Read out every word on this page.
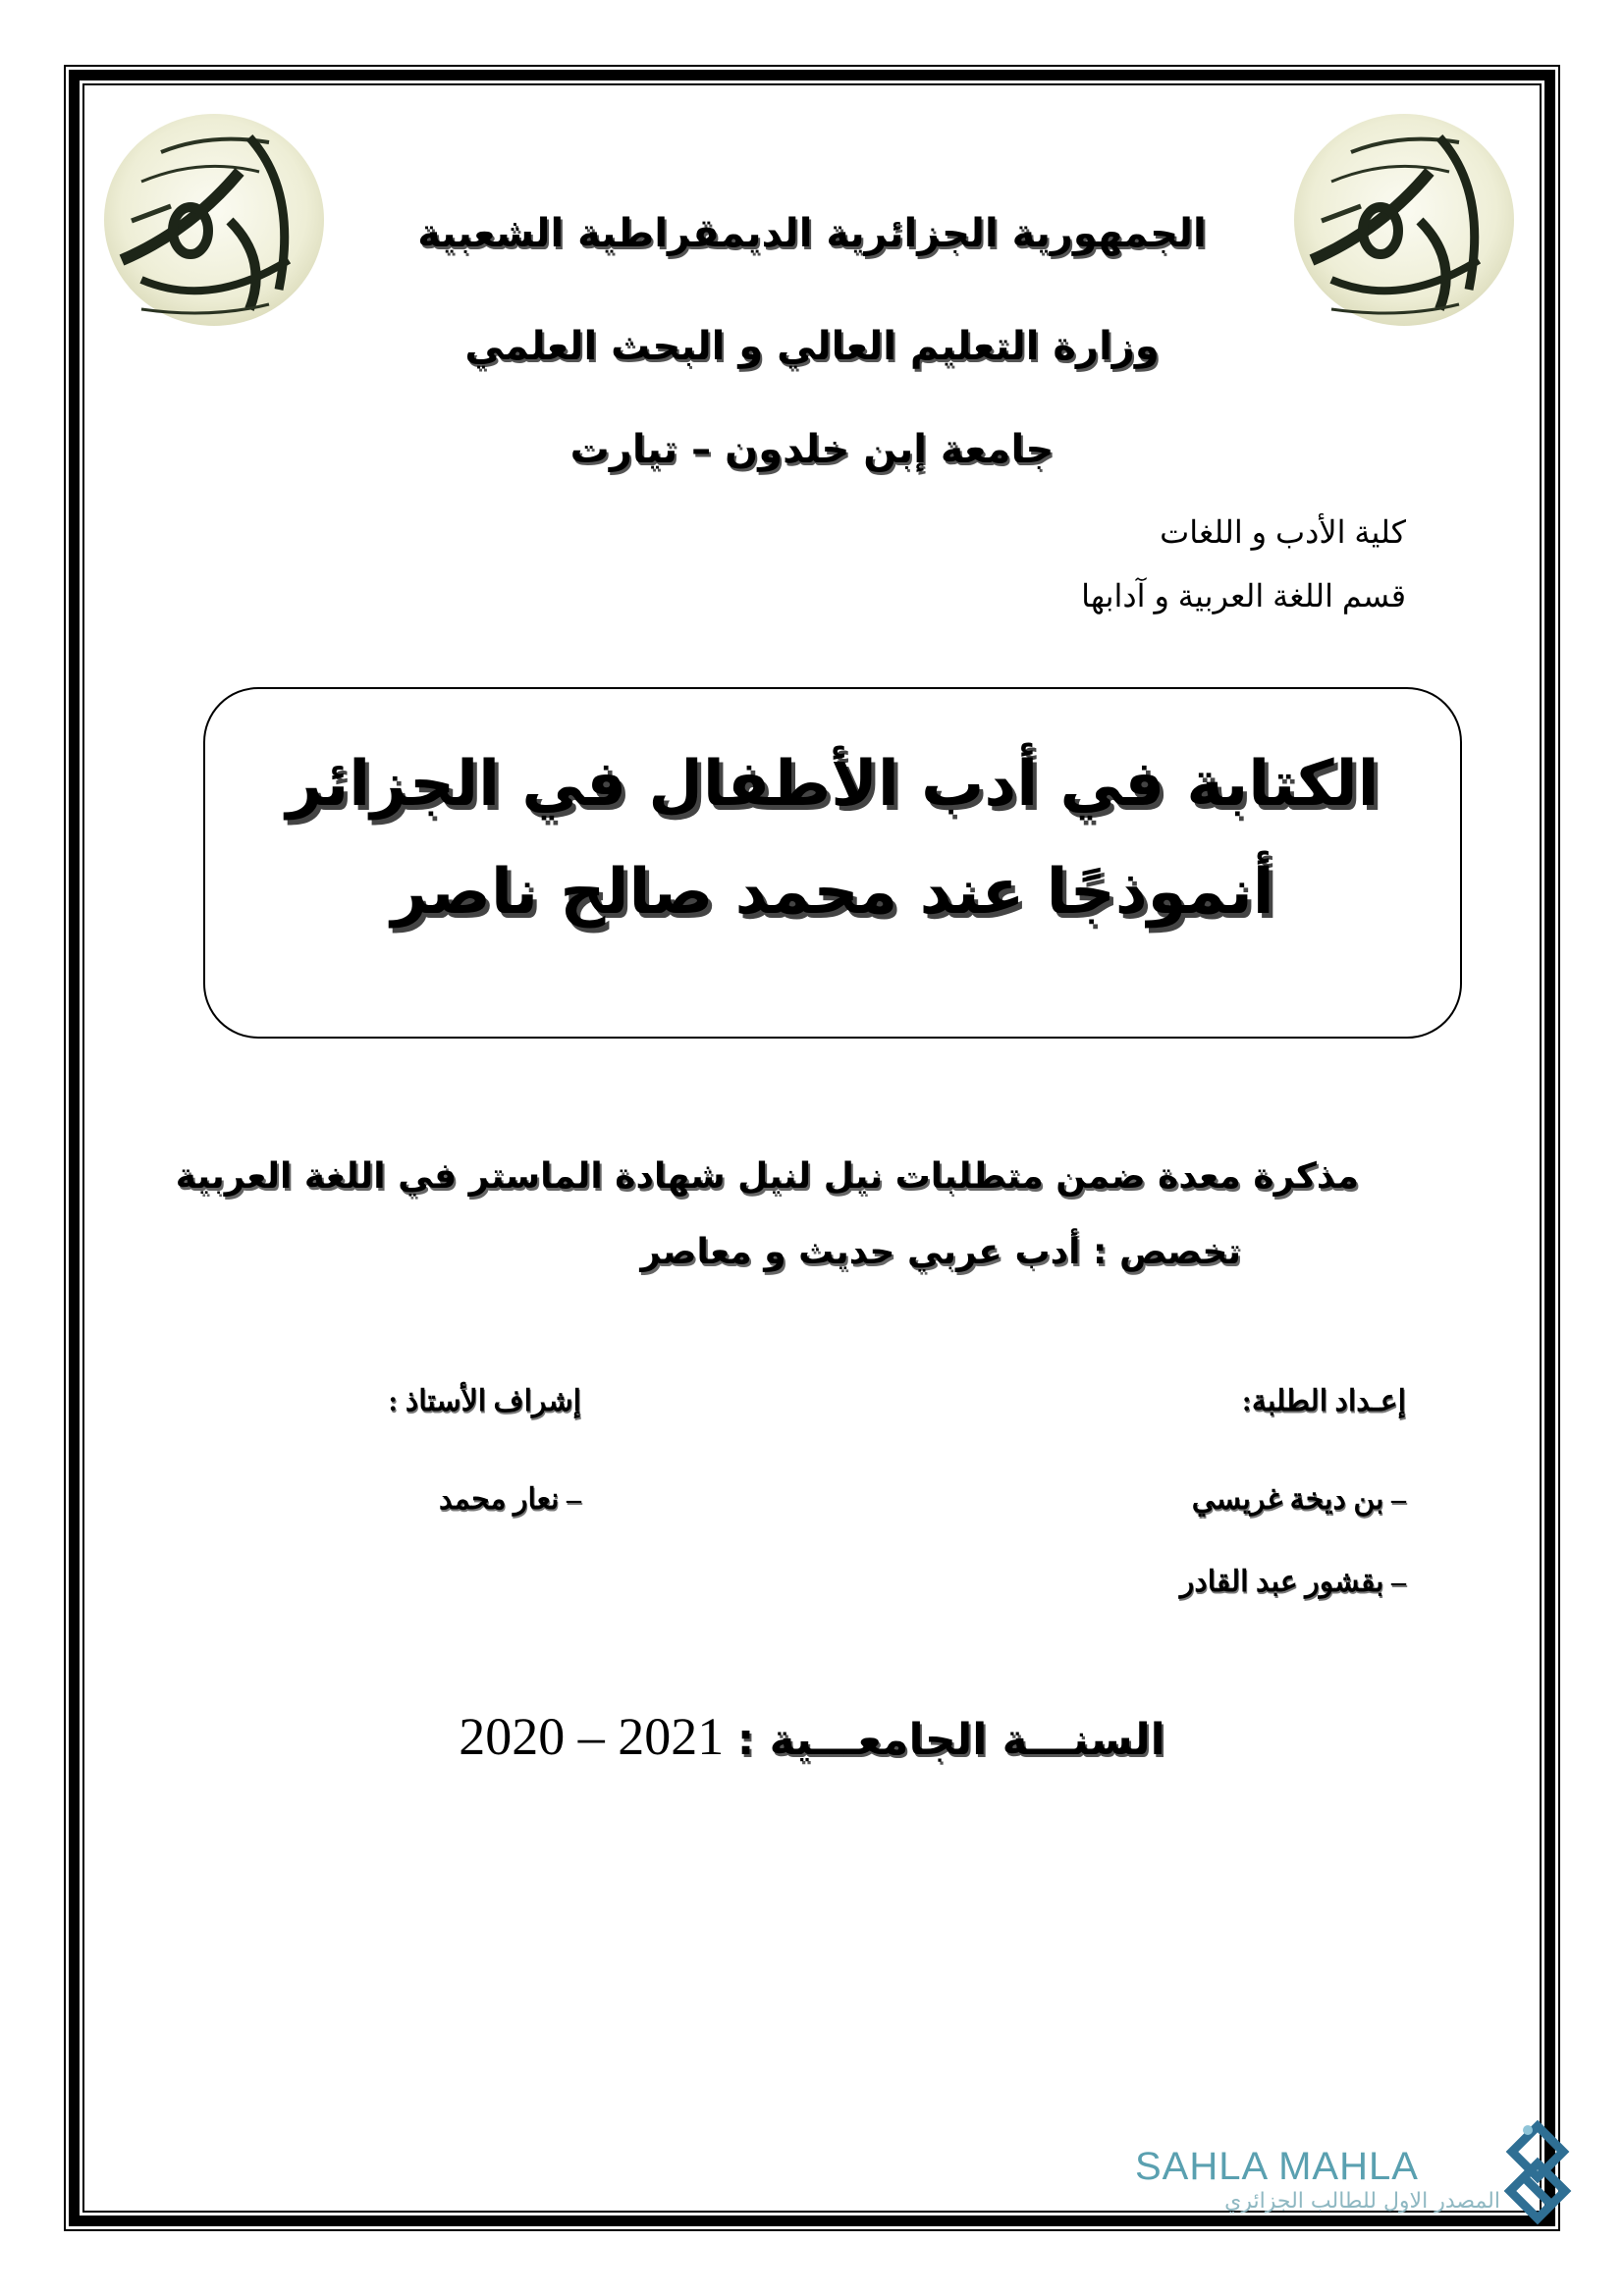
الجمهورية الجزائرية الديمقراطية الشعبية
وزارة التعليم العالي و البحث العلمي
جامعة إبن خلدون – تيارت
كلية الأدب و اللغات
قسم اللغة العربية و آدابها
الكتابة في أدب الأطفال في الجزائر
أنموذجًا عند محمد صالح ناصر
مذكرة معدة ضمن متطلبات نيل لنيل شهادة الماستر في اللغة العربية
تخصص : أدب عربي حديث و معاصر
إعـداد الطلبة:
إشراف الأستاذ :
– بن ديخة غريسي
– بقشور عبد القادر
– نعار محمد
2020 – 2021 السنـــة الجامعـــية :
SAHLA MAHLA
المصدر الاول للطالب الجزائري
